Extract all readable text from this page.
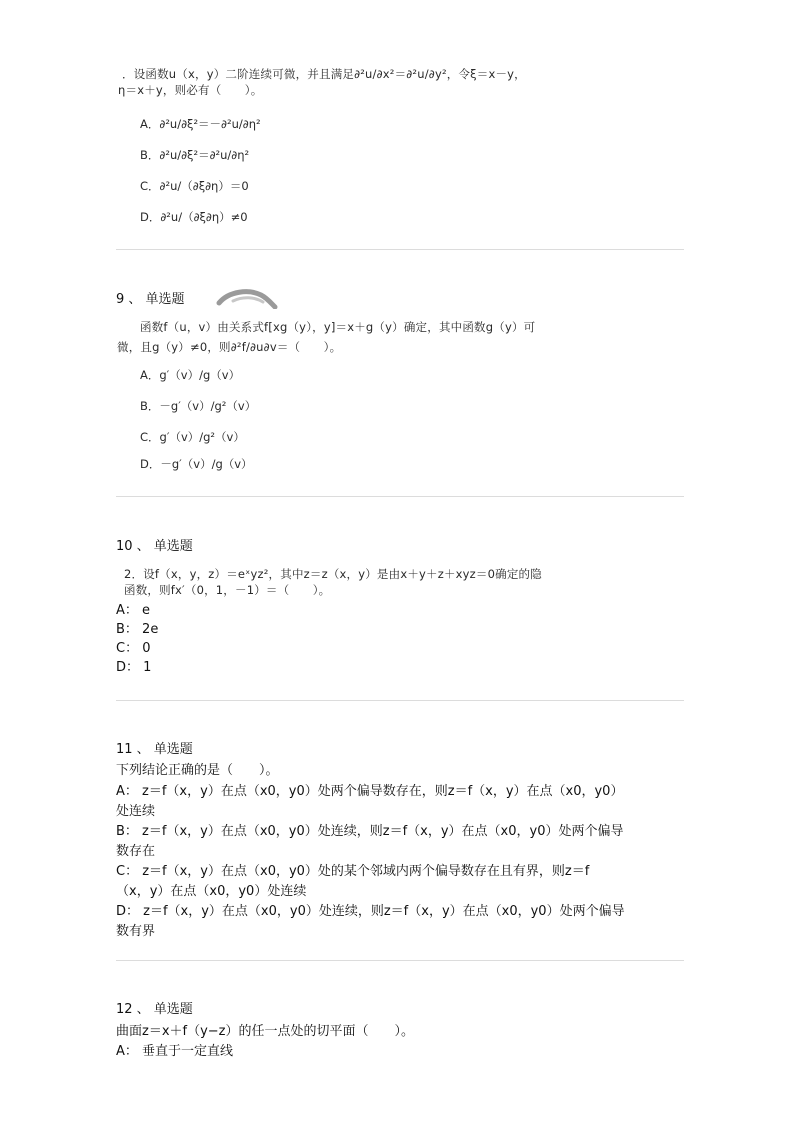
．设函数u（x，y）二阶连续可微，并且满足∂²u/∂x²＝∂²u/∂y²，令ξ＝x－y，
η＝x＋y，则必有（　　）。
A．∂²u/∂ξ²＝－∂²u/∂η²
B．∂²u/∂ξ²＝∂²u/∂η²
C．∂²u/（∂ξ∂η）＝0
D．∂²u/（∂ξ∂η）≠0
9 、 单选题
函数f（u，v）由关系式f[xg（y），y]＝x＋g（y）确定，其中函数g（y）可
微，且g（y）≠0，则∂²f/∂u∂v＝（　　）。
A．g′（v）/g（v）
B．－g′（v）/g²（v）
C．g′（v）/g²（v）
D．－g′（v）/g（v）
10 、 单选题
2．设f（x，y，z）＝eˣyz²，其中z＝z（x，y）是由x＋y＋z＋xyz＝0确定的隐
函数，则fx′（0，1，－1）＝（　　）。
A： e
B： 2e
C： 0
D： 1
11 、 单选题
下列结论正确的是（　　）。
A： z＝f（x，y）在点（x0，y0）处两个偏导数存在，则z＝f（x，y）在点（x0，y0）
处连续
B： z＝f（x，y）在点（x0，y0）处连续，则z＝f（x，y）在点（x0，y0）处两个偏导
数存在
C： z＝f（x，y）在点（x0，y0）处的某个邻域内两个偏导数存在且有界，则z＝f
（x，y）在点（x0，y0）处连续
D： z＝f（x，y）在点（x0，y0）处连续，则z＝f（x，y）在点（x0，y0）处两个偏导
数有界
12 、 单选题
曲面z＝x＋f（y−z）的任一点处的切平面（　　）。
A： 垂直于一定直线
